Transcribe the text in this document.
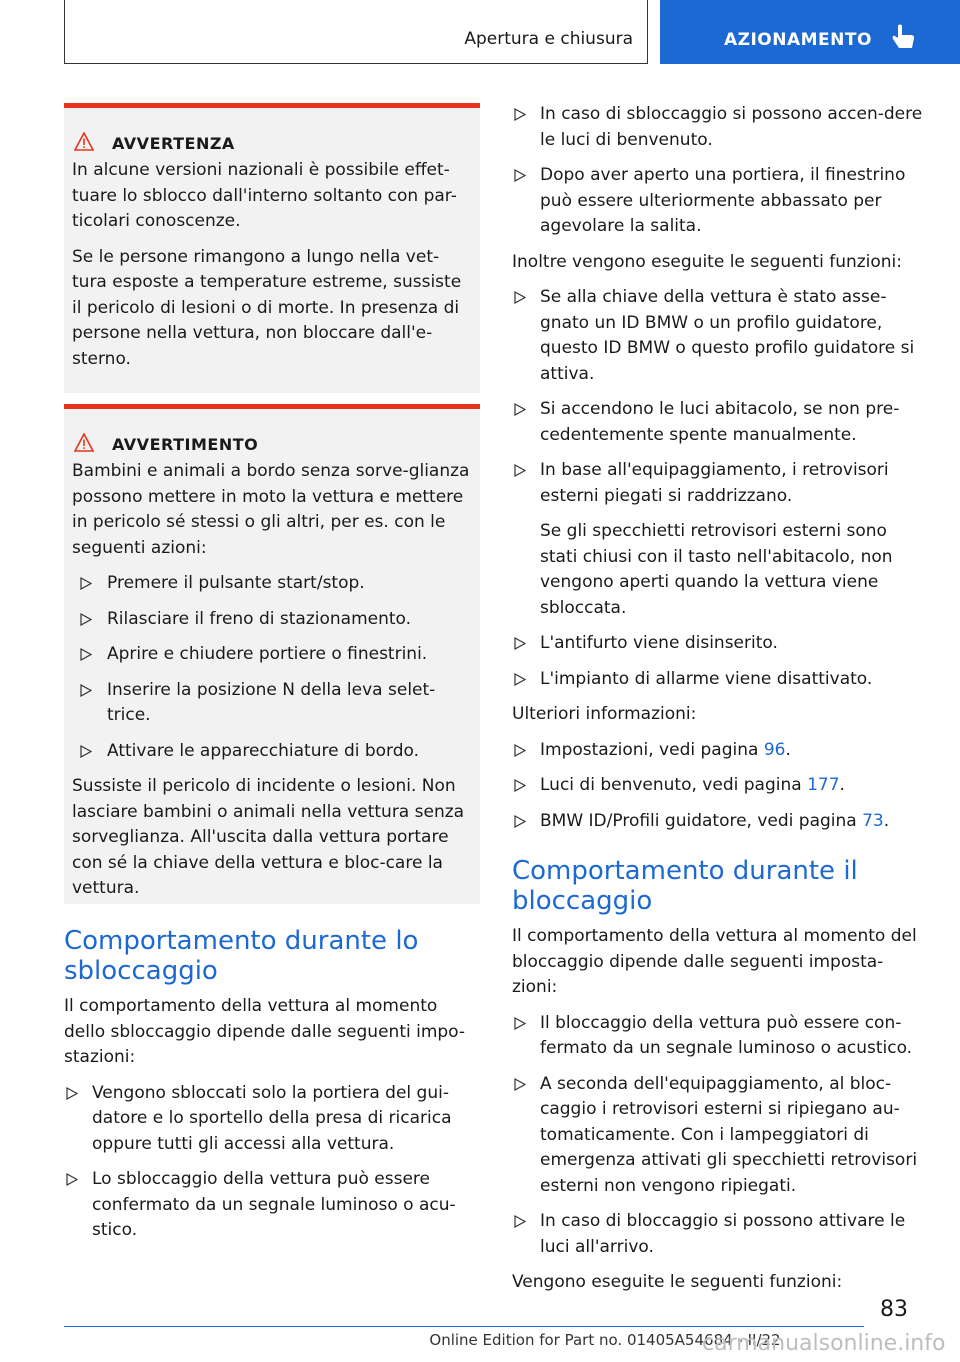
Apertura e chiusura	AZIONAMENTO
AVVERTENZA

In alcune versioni nazionali è possibile effet-tuare lo sblocco dall'interno soltanto con par-ticolari conoscenze.

Se le persone rimangono a lungo nella vet-tura esposte a temperature estreme, sussiste il pericolo di lesioni o di morte. In presenza di persone nella vettura, non bloccare dall'e-sterno.

AVVERTIMENTO

Bambini e animali a bordo senza sorve-glianza possono mettere in moto la vettura e mettere in pericolo sé stessi o gli altri, per es. con le seguenti azioni:

Premere il pulsante start/stop.
Rilasciare il freno di stazionamento.
Aprire e chiudere portiere o finestrini.
Inserire la posizione N della leva selet-trice.
Attivare le apparecchiature di bordo.

Sussiste il pericolo di incidente o lesioni. Non lasciare bambini o animali nella vettura senza sorveglianza. All'uscita dalla vettura portare con sé la chiave della vettura e bloc-care la vettura.

Comportamento durante lo sbloccaggio

Il comportamento della vettura al momento dello sbloccaggio dipende dalle seguenti impo-stazioni:

Vengono sbloccati solo la portiera del gui-datore e lo sportello della presa di ricarica oppure tutti gli accessi alla vettura.
Lo sbloccaggio della vettura può essere confermato da un segnale luminoso o acu-stico.
In caso di sbloccaggio si possono accen-dere le luci di benvenuto.
Dopo aver aperto una portiera, il finestrino può essere ulteriormente abbassato per agevolare la salita.

Inoltre vengono eseguite le seguenti funzioni:

Se alla chiave della vettura è stato asse-gnato un ID BMW o un profilo guidatore, questo ID BMW o questo profilo guidatore si attiva.
Si accendono le luci abitacolo, se non pre-cedentemente spente manualmente.
In base all'equipaggiamento, i retrovisori esterni piegati si raddrizzano.
Se gli specchietti retrovisori esterni sono stati chiusi con il tasto nell'abitacolo, non vengono aperti quando la vettura viene sbloccata.
L'antifurto viene disinserito.
L'impianto di allarme viene disattivato.

Ulteriori informazioni:

Impostazioni, vedi pagina 96.
Luci di benvenuto, vedi pagina 177.
BMW ID/Profili guidatore, vedi pagina 73.
Comportamento durante il bloccaggio

Il comportamento della vettura al momento del bloccaggio dipende dalle seguenti imposta-zioni:

Il bloccaggio della vettura può essere con-fermato da un segnale luminoso o acustico.
A seconda dell'equipaggiamento, al bloc-caggio i retrovisori esterni si ripiegano au-tomaticamente. Con i lampeggiatori di emergenza attivati gli specchietti retrovisori esterni non vengono ripiegati.
In caso di bloccaggio si possono attivare le luci all'arrivo.

Vengono eseguite le seguenti funzioni:

83
Online Edition for Part no. 01405A54684 - II/22
carmanualsonline.info
